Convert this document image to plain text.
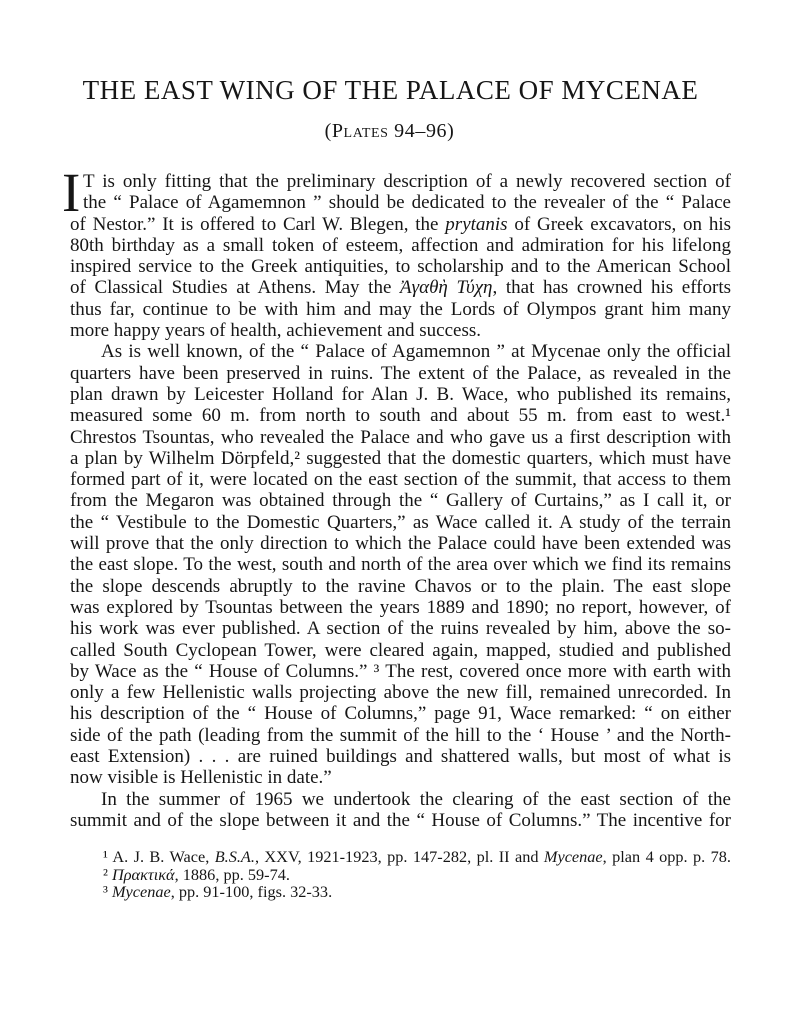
THE EAST WING OF THE PALACE OF MYCENAE
(Plates 94–96)
I T is only fitting that the preliminary description of a newly recovered section of
the “ Palace of Agamemnon ” should be dedicated to the revealer of the “ Palace
of Nestor.” It is offered to Carl W. Blegen, the prytanis of Greek excavators, on his
80th birthday as a small token of esteem, affection and admiration for his lifelong
inspired service to the Greek antiquities, to scholarship and to the American School
of Classical Studies at Athens. May the Ἀγαθὴ Τύχη, that has crowned his efforts
thus far, continue to be with him and may the Lords of Olympos grant him many
more happy years of health, achievement and success.
As is well known, of the “ Palace of Agamemnon ” at Mycenae only the official
quarters have been preserved in ruins. The extent of the Palace, as revealed in the
plan drawn by Leicester Holland for Alan J. B. Wace, who published its remains,
measured some 60 m. from north to south and about 55 m. from east to west.¹
Chrestos Tsountas, who revealed the Palace and who gave us a first description with
a plan by Wilhelm Dörpfeld,² suggested that the domestic quarters, which must have
formed part of it, were located on the east section of the summit, that access to them
from the Megaron was obtained through the “ Gallery of Curtains,” as I call it, or
the “ Vestibule to the Domestic Quarters,” as Wace called it. A study of the terrain
will prove that the only direction to which the Palace could have been extended was
the east slope. To the west, south and north of the area over which we find its remains
the slope descends abruptly to the ravine Chavos or to the plain. The east slope
was explored by Tsountas between the years 1889 and 1890; no report, however, of
his work was ever published. A section of the ruins revealed by him, above the so-
called South Cyclopean Tower, were cleared again, mapped, studied and published
by Wace as the “ House of Columns.” ³ The rest, covered once more with earth with
only a few Hellenistic walls projecting above the new fill, remained unrecorded. In
his description of the “ House of Columns,” page 91, Wace remarked: “ on either
side of the path (leading from the summit of the hill to the ‘ House ’ and the North-
east Extension) . . . are ruined buildings and shattered walls, but most of what is
now visible is Hellenistic in date.”
In the summer of 1965 we undertook the clearing of the east section of the
summit and of the slope between it and the “ House of Columns.” The incentive for
¹ A. J. B. Wace, B.S.A., XXV, 1921-1923, pp. 147-282, pl. II and Mycenae, plan 4 opp. p. 78.
² Πρακτικά, 1886, pp. 59-74.
³ Mycenae, pp. 91-100, figs. 32-33.
